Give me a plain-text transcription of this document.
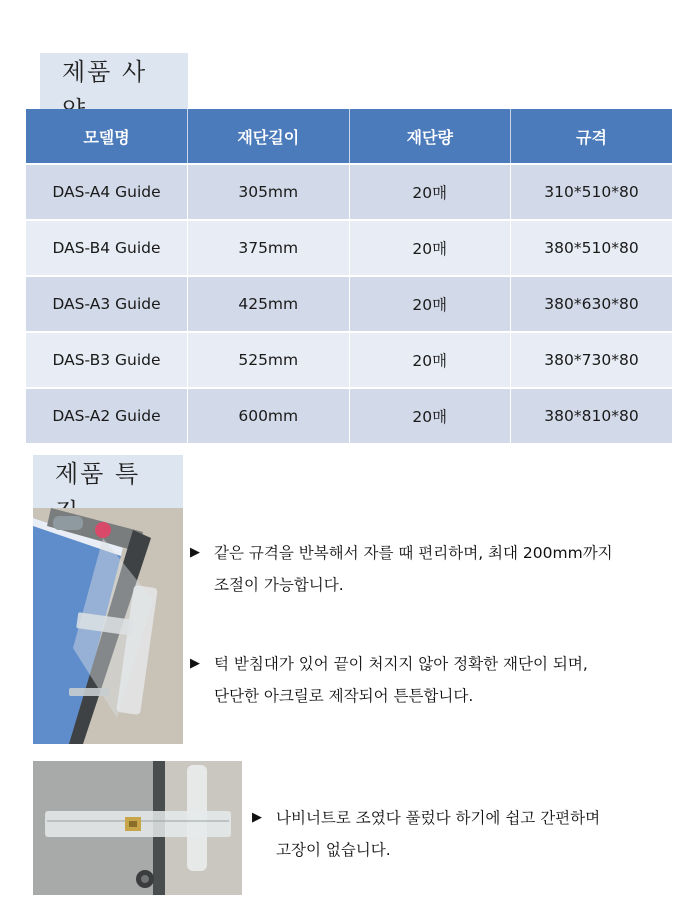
제품 사
모델명	재단길이	재단량	규격
DAS-A4 Guide	305mm	20매	310*510*80
DAS-B4 Guide	375mm	20매	380*510*80
DAS-A3 Guide	425mm	20매	380*630*80
DAS-B3 Guide	525mm	20매	380*730*80
DAS-A2 Guide	600mm	20매	380*810*80
제품 특
▶ 같은 규격을 반복해서 자를 때 편리하며, 최대 200mm까지
조절이 가능합니다.
▶ 턱 받침대가 있어 끝이 처지지 않아 정확한 재단이 되며,
단단한 아크릴로 제작되어 튼튼합니다.
▶ 나비너트로 조였다 풀렀다 하기에 쉽고 간편하며
고장이 없습니다.
